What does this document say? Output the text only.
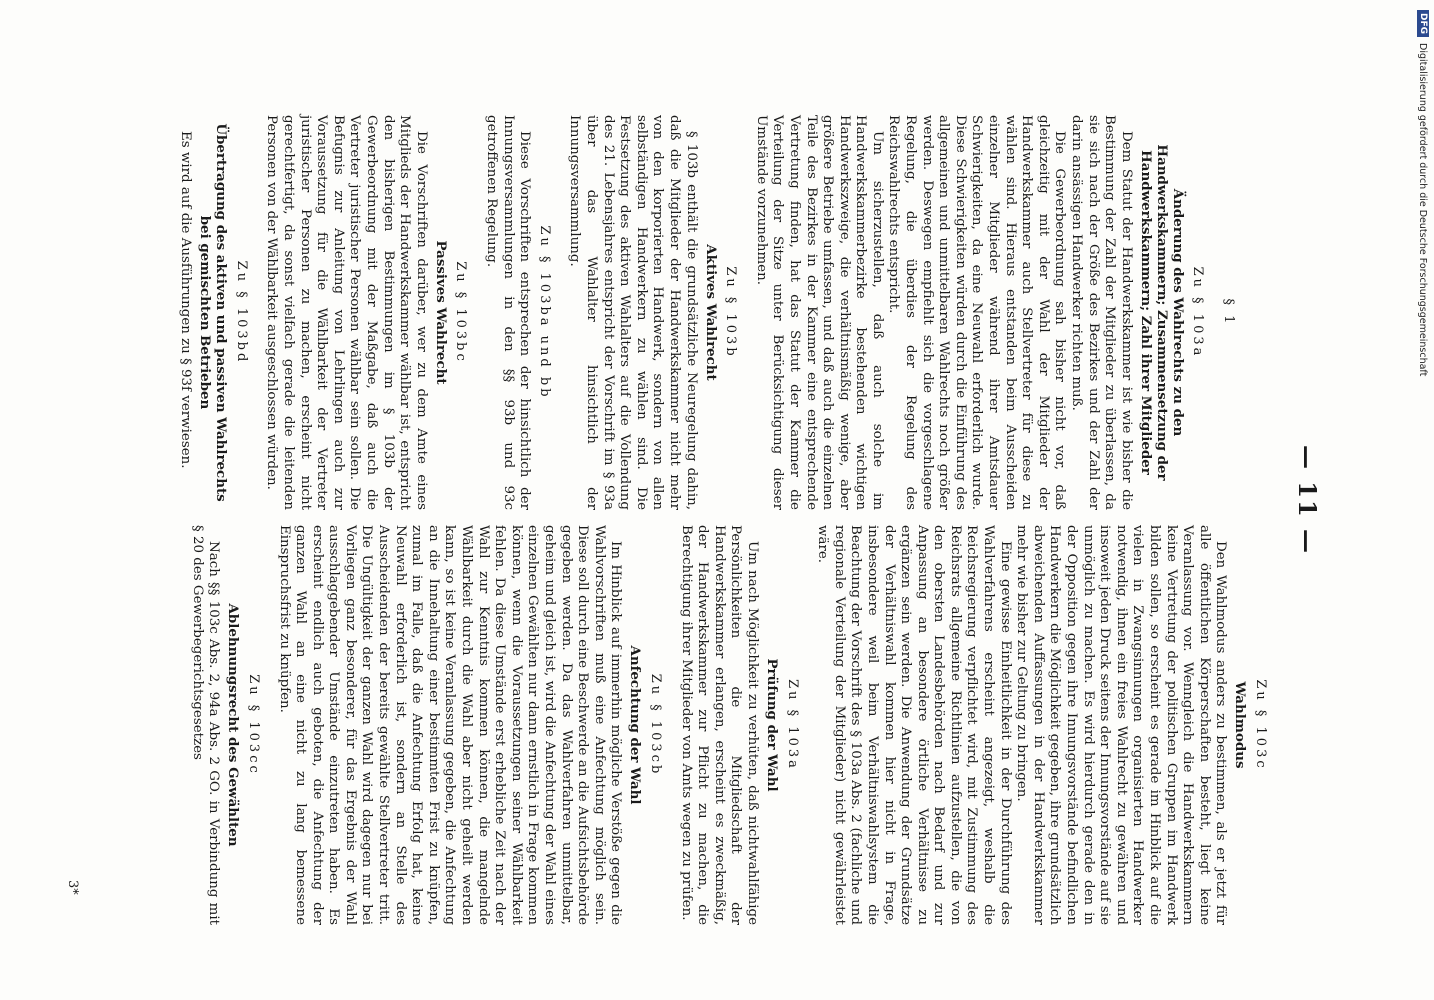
— 11 —
§ 1
Zu § 103a
Änderung des Wahlrechts zu den Handwerkskammern; Zusammensetzung der Handwerkskammern; Zahl ihrer Mitglieder

Dem Statut der Handwerkskammer ist wie bisher die Bestimmung der Zahl der Mitglieder zu überlassen, da sie sich nach der Größe des Bezirkes und der Zahl der darin ansässigen Handwerker richten muß.

Die Gewerbeordnung sah bisher nicht vor, daß gleichzeitig mit der Wahl der Mitglieder der Handwerkskammer auch Stellvertreter für diese zu wählen sind. Hieraus entstanden beim Ausscheiden einzelner Mitglieder während ihrer Amtsdauer Schwierigkeiten, da eine Neuwahl erforderlich wurde. Diese Schwierigkeiten würden durch die Einführung des allgemeinen und unmittelbaren Wahlrechts noch größer werden. Deswegen empfiehlt sich die vorgeschlagene Regelung, die überdies der Regelung des Reichswahlrechts entspricht.

Um sicherzustellen, daß auch solche im Handwerkskammerbezirke bestehenden wichtigen Handwerkszweige, die verhältnismäßig wenige, aber größere Betriebe umfassen, und daß auch die einzelnen Teile des Bezirkes in der Kammer eine entsprechende Vertretung finden, hat das Statut der Kammer die Verteilung der Sitze unter Berücksichtigung dieser Umstände vorzunehmen.

Zu § 103b
Aktives Wahlrecht

§ 103b enthält die grundsätzliche Neuregelung dahin, daß die Mitglieder der Handwerkskammer nicht mehr von den korporierten Handwerk, sondern von allen selbständigen Handwerkern zu wählen sind. Die Festsetzung des aktiven Wahlalters auf die Vollendung des 21. Lebensjahres entspricht der Vorschrift im § 93a über das Wahlalter hinsichtlich der Innungsversammlung.

Zu § 103ba und bb

Diese Vorschriften entsprechen der hinsichtlich der Innungsversammlungen in den §§ 93b und 93c getroffenen Regelung.

Zu § 103bc
Passives Wahlrecht

Die Vorschriften darüber, wer zu dem Amte eines Mitglieds der Handwerkskammer wählbar ist, entspricht den bisherigen Bestimmungen im § 103b der Gewerbeordnung mit der Maßgabe, daß auch die Vertreter juristischer Personen wählbar sein sollen. Die Befugnis zur Anleitung von Lehrlingen auch zur Voraussetzung für die Wählbarkeit der Vertreter juristischer Personen zu machen, erscheint nicht gerechtfertigt, da sonst vielfach gerade die leitenden Personen von der Wählbarkeit ausgeschlossen würden.

Zu § 103bd
Übertragung des aktiven und passiven Wahlrechts bei gemischten Betrieben

Es wird auf die Ausführungen zu § 93f verwiesen.

Zu § 103c
Wahlmodus

Den Wahlmodus anders zu bestimmen, als er jetzt für alle öffentlichen Körperschaften besteht, liegt keine Veranlassung vor. Wenngleich die Handwerkskammern keine Vertretung der politischen Gruppen im Handwerk bilden sollen, so erscheint es gerade im Hinblick auf die vielen in Zwangsinnungen organisierten Handwerker notwendig, ihnen ein freies Wahlrecht zu gewähren und insoweit jeden Druck seitens der Innungsvorstände auf sie unmöglich zu machen. Es wird hierdurch gerade den in der Opposition gegen ihre Innungsvorstände befindlichen Handwerkern die Möglichkeit gegeben, ihre grundsätzlich abweichenden Auffassungen in der Handwerkskammer mehr wie bisher zur Geltung zu bringen.

Eine gewisse Einheitlichkeit in der Durchführung des Wahlverfahrens erscheint angezeigt, weshalb die Reichsregierung verpflichtet wird, mit Zustimmung des Reichsrats allgemeine Richtlinien aufzustellen, die von den obersten Landesbehörden nach Bedarf und zur Anpassung an besondere örtliche Verhältnisse zu ergänzen sein werden. Die Anwendung der Grundsätze der Verhältniswahl kommen hier nicht in Frage, insbesondere weil beim Verhältniswahlsystem die Beachtung der Vorschrift des § 103a Abs. 2 (fachliche und regionale Verteilung der Mitglieder) nicht gewährleistet wäre.

Zu § 103a
Prüfung der Wahl

Um nach Möglichkeit zu verhüten, daß nichtwahlfähige Persönlichkeiten die Mitgliedschaft der Handwerkskammer erlangen, erscheint es zweckmäßig, der Handwerkskammer zur Pflicht zu machen, die Berechtigung ihrer Mitglieder von Amts wegen zu prüfen.

Zu § 103cb
Anfechtung der Wahl

Im Hinblick auf immerhin mögliche Verstöße gegen die Wahlvorschriften muß eine Anfechtung möglich sein. Diese soll durch eine Beschwerde an die Aufsichtsbehörde gegeben werden. Da das Wahlverfahren unmittelbar, geheim und gleich ist, wird die Anfechtung der Wahl eines einzelnen Gewählten nur dann ernstlich in Frage kommen können, wenn die Voraussetzungen seiner Wählbarkeit fehlen. Da diese Umstände erst erhebliche Zeit nach der Wahl zur Kenntnis kommen können, die mangelnde Wählbarkeit durch die Wahl aber nicht geheilt werden kann, so ist keine Veranlassung gegeben, die Anfechtung an die Innehaltung einer bestimmten Frist zu knüpfen, zumal im Falle, daß die Anfechtung Erfolg hat, keine Neuwahl erforderlich ist, sondern an Stelle des Ausscheidenden der bereits gewählte Stellvertreter tritt. Die Ungültigkeit der ganzen Wahl wird dagegen nur bei Vorliegen ganz besonderer, für das Ergebnis der Wahl ausschlaggebender Umstände einzutreten haben. Es erscheint endlich auch geboten, die Anfechtung der ganzen Wahl an eine nicht zu lang bemessene Einspruchsfrist zu knüpfen.

Zu § 103cc
Ablehnungsrecht des Gewählten

Nach §§ 103c Abs. 2, 94a Abs. 2 GO. in Verbindung mit § 20 des Gewerbegerichtsgesetzes

3*
DFG
Digitalisierung gefördert durch die Deutsche Forschungsgemeinschaft
